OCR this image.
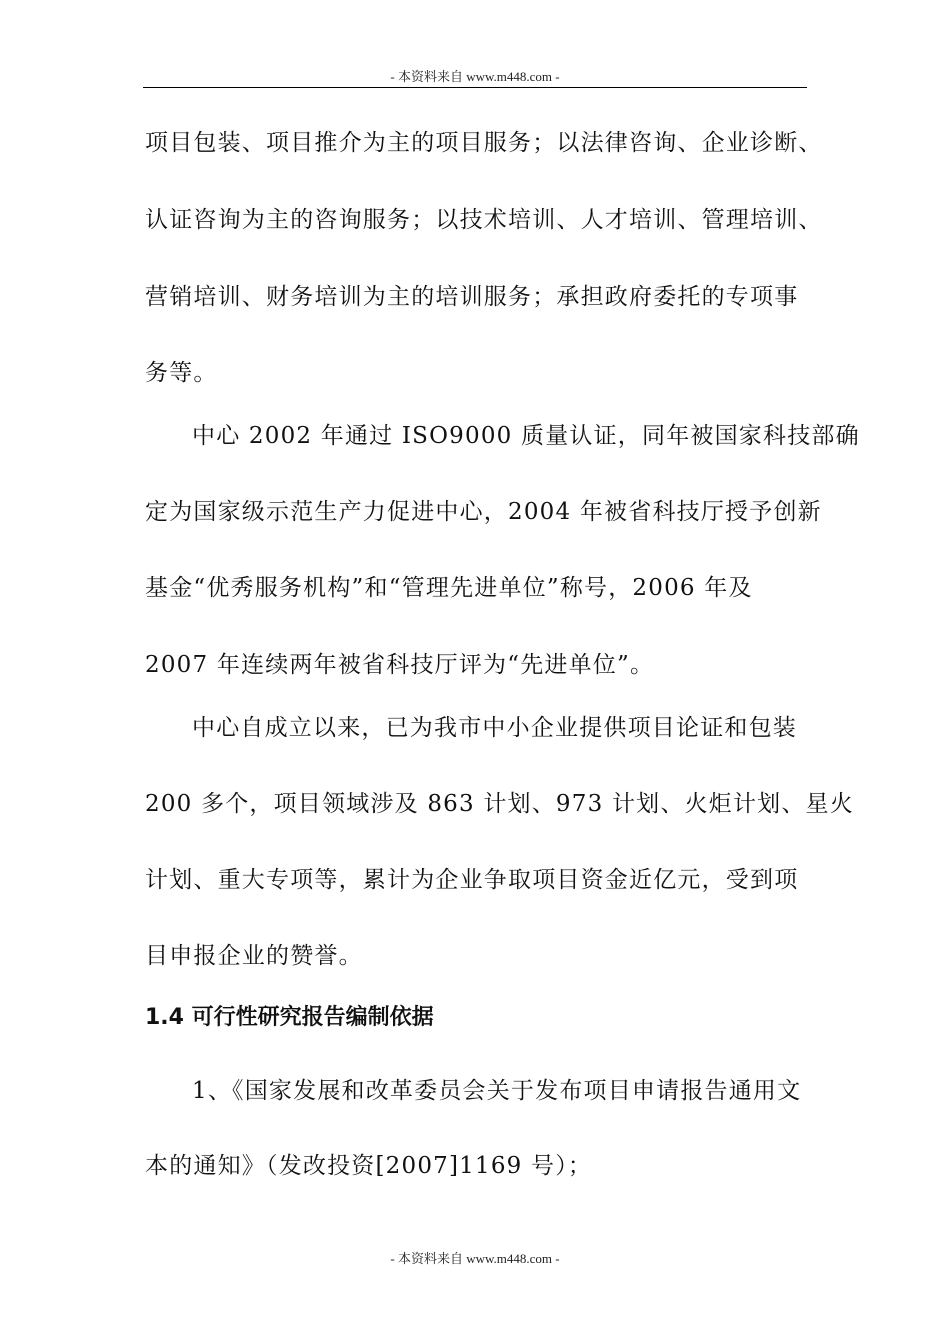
- 本资料来自 www.m448.com -
项目包装、项目推介为主的项目服务；以法律咨询、企业诊断、
认证咨询为主的咨询服务；以技术培训、人才培训、管理培训、
营销培训、财务培训为主的培训服务；承担政府委托的专项事
务等。
中心 2002 年通过 ISO9000 质量认证，同年被国家科技部确
定为国家级示范生产力促进中心，2004 年被省科技厅授予创新
基金“优秀服务机构”和“管理先进单位”称号，2006 年及
2007 年连续两年被省科技厅评为“先进单位”。
中心自成立以来，已为我市中小企业提供项目论证和包装
200 多个，项目领域涉及 863 计划、973 计划、火炬计划、星火
计划、重大专项等，累计为企业争取项目资金近亿元，受到项
目申报企业的赞誉。
1.4 可行性研究报告编制依据
1、《国家发展和改革委员会关于发布项目申请报告通用文
本的通知》（发改投资[2007]1169 号）；
- 本资料来自 www.m448.com -
